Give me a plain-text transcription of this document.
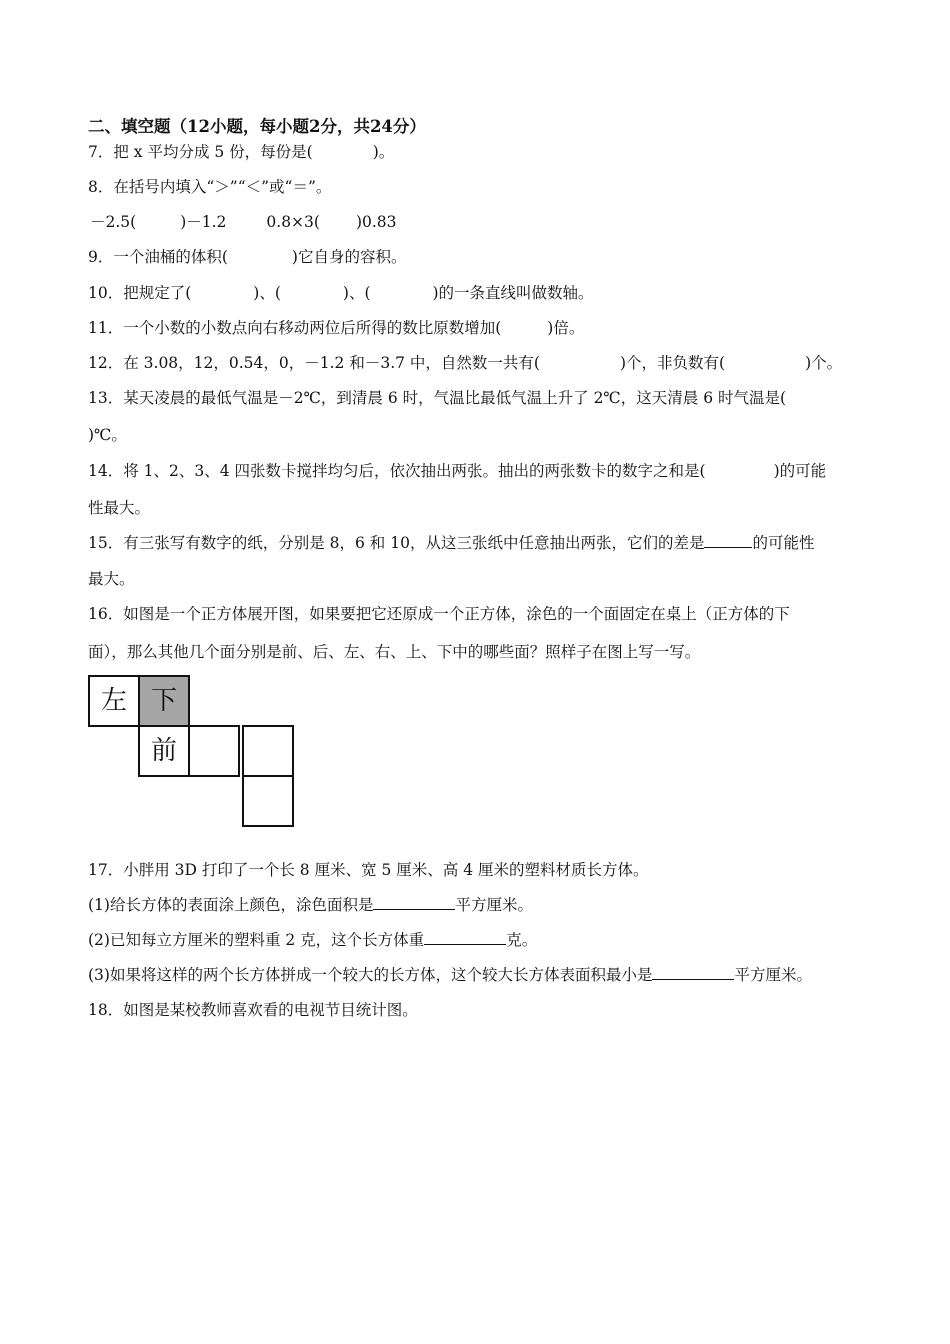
二、填空题（12小题，每小题2分，共24分）
7．把 x 平均分成 5 份，每份是(	)。
8．在括号内填入“＞”“＜”或“＝”。
－2.5(	)－1.2	0.8×3( )0.83
9．一个油桶的体积(	)它自身的容积。
10．把规定了(	)、(	)、(	)的一条直线叫做数轴。
11．一个小数的小数点向右移动两位后所得的数比原数增加(	)倍。
12．在 3.08，12，0.54，0，－1.2 和－3.7 中，自然数一共有(	)个，非负数有(	)个。
13．某天凌晨的最低气温是－2℃，到清晨 6 时，气温比最低气温上升了 2℃，这天清晨 6 时气温是(
)℃。
14．将 1、2、3、4 四张数卡搅拌均匀后，依次抽出两张。抽出的两张数卡的数字之和是(	)的可能
性最大。
15．有三张写有数字的纸，分别是 8，6 和 10，从这三张纸中任意抽出两张，它们的差是	的可能性
最大。
16．如图是一个正方体展开图，如果要把它还原成一个正方体，涂色的一个面固定在桌上（正方体的下
面），那么其他几个面分别是前、后、左、右、上、下中的哪些面？照样子在图上写一写。
左 下
前
17．小胖用 3D 打印了一个长 8 厘米、宽 5 厘米、高 4 厘米的塑料材质长方体。
(1)给长方体的表面涂上颜色，涂色面积是	平方厘米。
(2)已知每立方厘米的塑料重 2 克，这个长方体重	克。
(3)如果将这样的两个长方体拼成一个较大的长方体，这个较大长方体表面积最小是	平方厘米。
18．如图是某校教师喜欢看的电视节目统计图。
